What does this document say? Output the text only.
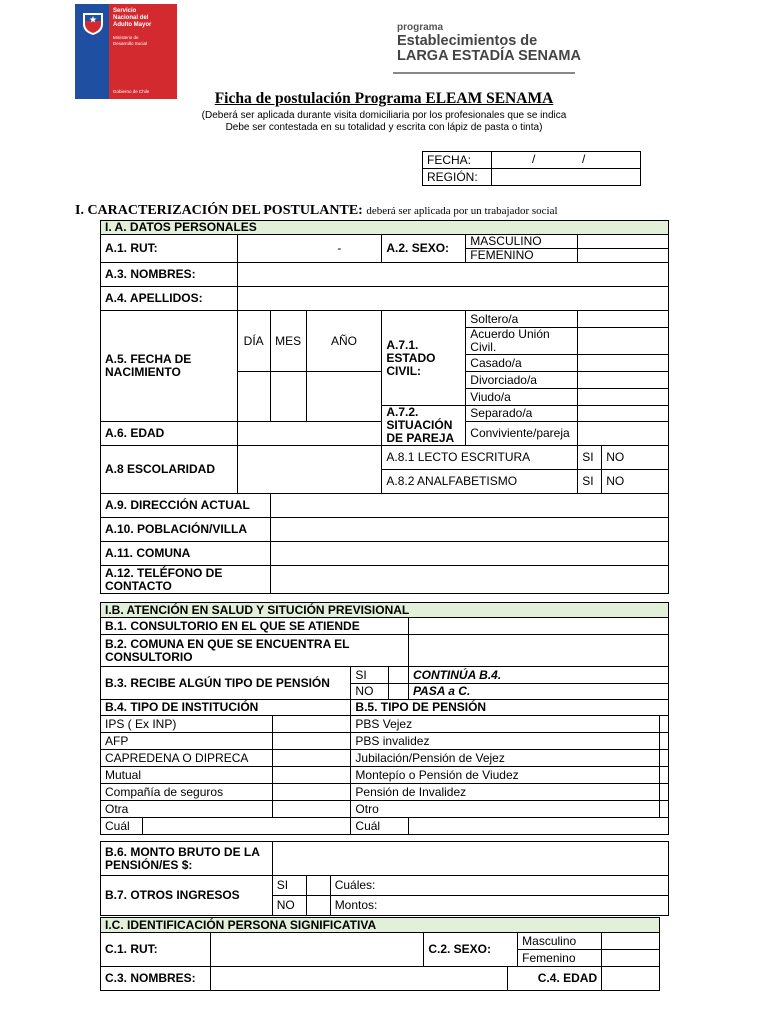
Servicio
Nacional del
Adulto Mayor
Ministerio de
Desarrollo Social
Gobierno de Chile
programa
Establecimientos de
LARGA ESTADÍA SENAMA
Ficha de postulación Programa ELEAM SENAMA
(Deberá ser aplicada durante visita domiciliaria por los profesionales que se indica
Debe ser contestada en su totalidad y escrita con lápiz de pasta o tinta)
FECHA:	/ /

REGIÓN:	
I. CARACTERIZACIÓN DEL POSTULANTE: deberá ser aplicada por un trabajador social
I. A. DATOS PERSONALES							
A.1. RUT:	-			A.2. SEXO:	MASCULINO		
					FEMENINO		
A.3. NOMBRES:							
A.4. APELLIDOS:							
A.5. FECHA DE NACIMIENTO	DÍA	MES	AÑO	A.7.1. ESTADO CIVIL:	Soltero/a		
					Acuerdo Unión Civil.		
					Casado/a		
					Divorciado/a		
					Viudo/a		
				A.7.2. SITUACIÓN DE PAREJA	Separado/a		
A.6. EDAD					Conviviente/pareja		
A.8 ESCOLARIDAD				A.8.1 LECTO ESCRITURA		SI	NO
				A.8.2 ANALFABETISMO		SI	NO
A.9. DIRECCIÓN ACTUAL							
A.10. POBLACIÓN/VILLA							
A.11. COMUNA							
A.12. TELÉFONO DE CONTACTO							
I.B. ATENCIÓN EN SALUD Y SITUCIÓN PREVISIONAL						
B.1. CONSULTORIO EN EL QUE SE ATIENDE						
B.2. COMUNA EN QUE SE ENCUENTRA EL CONSULTORIO						
B.3. RECIBE ALGÚN TIPO DE PENSIÓN			SI		CONTINÚA B.4.	
			NO		PASA a C.	
B.4. TIPO DE INSTITUCIÓN			B.5. TIPO DE PENSIÓN			
IPS ( Ex INP)			PBS Vejez			
AFP			PBS invalidez			
CAPREDENA O DIPRECA			Jubilación/Pensión de Vejez			
Mutual			Montepío o Pensión de Viudez			
Compañía de seguros			Pensión de Invalidez			
Otra			Otro			
Cuál			Cuál			
B.6. MONTO BRUTO DE LA PENSIÓN/ES $:			
B.7. OTROS INGRESOS	SI		Cuáles:
	NO		Montos:
I.C. IDENTIFICACIÓN PERSONA SIGNIFICATIVA					
C.1. RUT:		C.2. SEXO:		Masculino	
				Femenino	
C.3. NOMBRES:			C.4. EDAD		
